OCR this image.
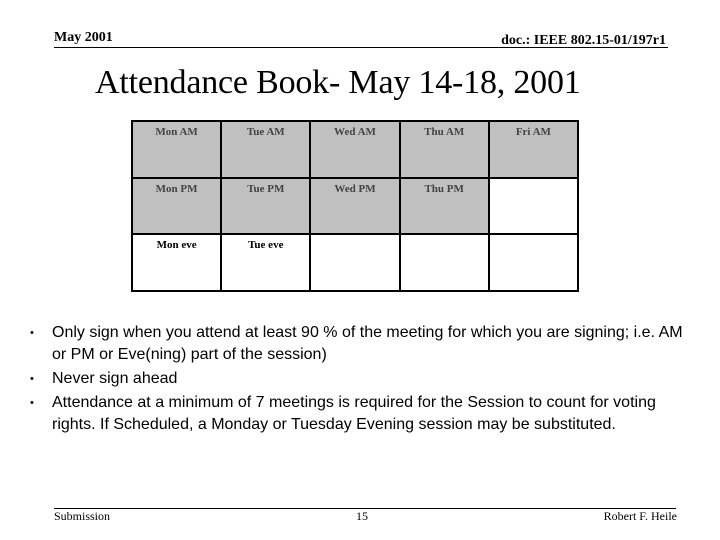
May 2001	doc.: IEEE 802.15-01/197r1
Attendance Book- May 14-18, 2001
Mon AM	Tue AM	Wed AM	Thu AM	Fri AM
Mon PM	Tue PM	Wed PM	Thu PM
Mon eve	Tue eve
• Only sign when you attend at least 90 % of the meeting for which you are signing; i.e. AM or PM or Eve(ning) part of the session)
• Never sign ahead
• Attendance at a minimum of 7 meetings is required for the Session to count for voting rights. If Scheduled, a Monday or Tuesday Evening session may be substituted.
Submission	15	Robert F. Heile
